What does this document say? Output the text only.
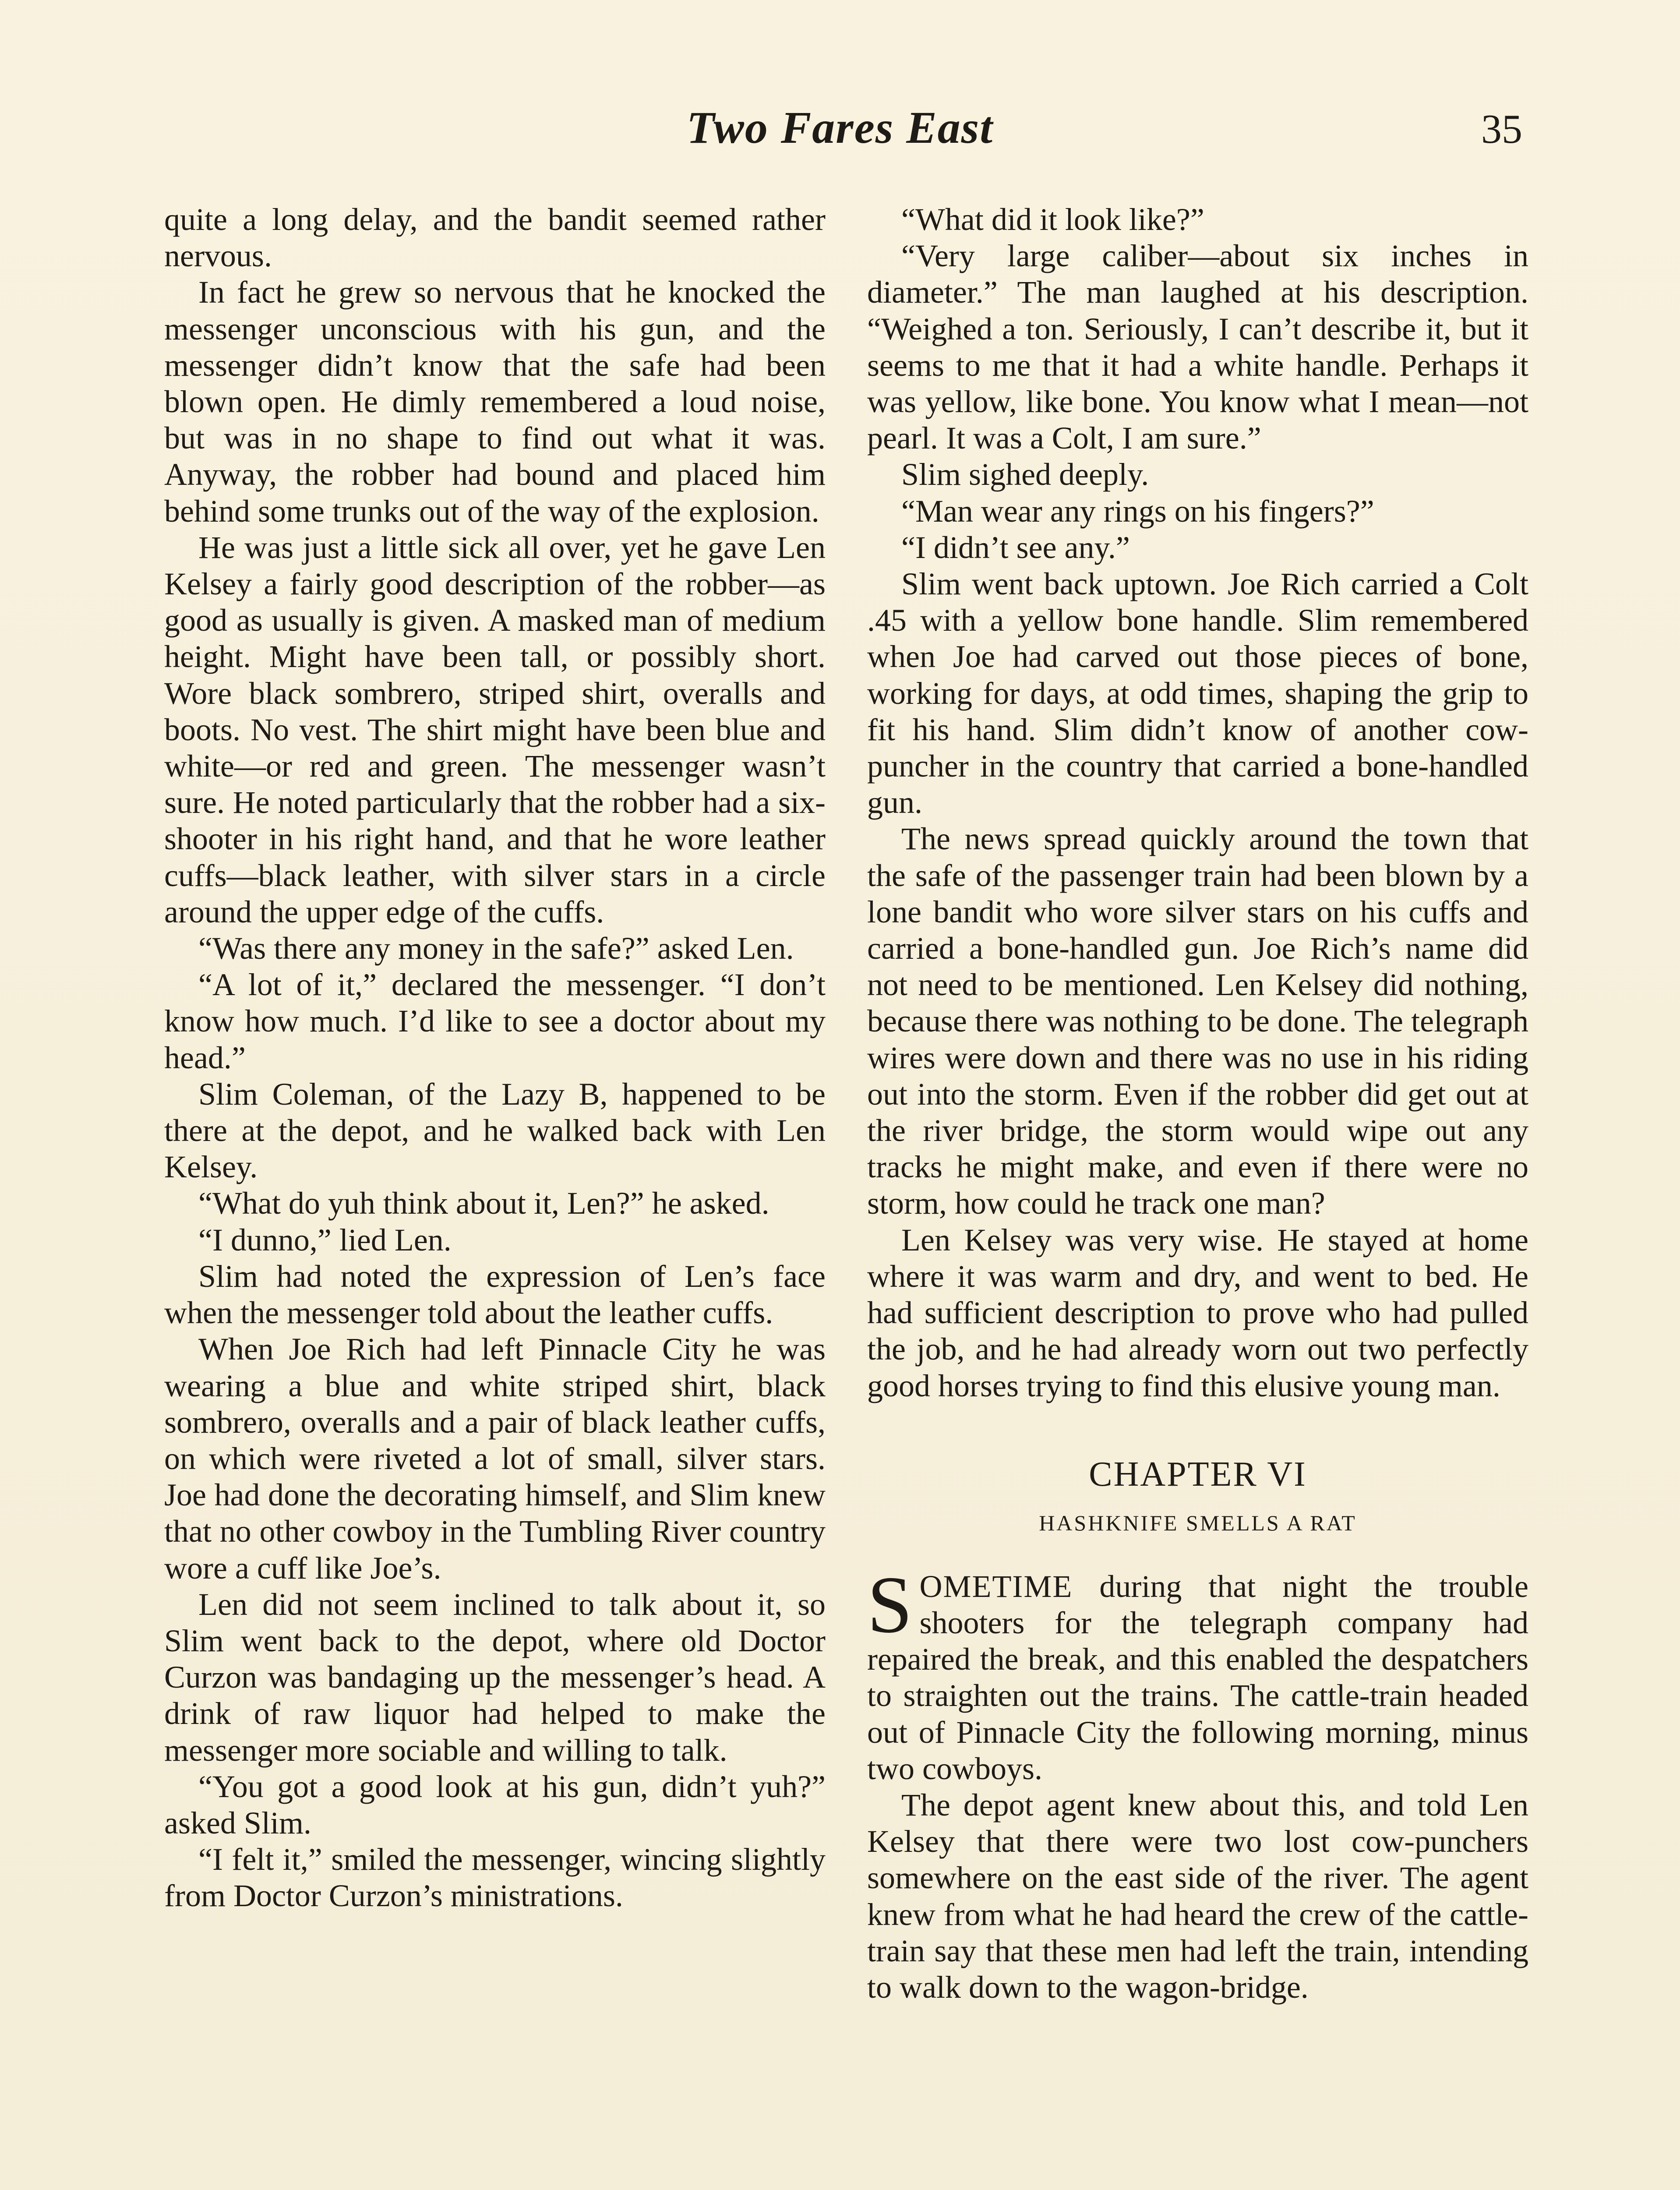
Two Fares East	35

quite a long delay, and the bandit seemed rather nervous.

In fact he grew so nervous that he knocked the messenger unconscious with his gun, and the messenger didn’t know that the safe had been blown open. He dimly remembered a loud noise, but was in no shape to find out what it was. Anyway, the robber had bound and placed him behind some trunks out of the way of the explosion.

He was just a little sick all over, yet he gave Len Kelsey a fairly good description of the robber—as good as usually is given. A masked man of medium height. Might have been tall, or possibly short. Wore black sombrero, striped shirt, overalls and boots. No vest. The shirt might have been blue and white—or red and green. The messenger wasn’t sure. He noted particularly that the robber had a six-shooter in his right hand, and that he wore leather cuffs—black leather, with silver stars in a circle around the upper edge of the cuffs.

“Was there any money in the safe?” asked Len.

“A lot of it,” declared the messenger. “I don’t know how much. I’d like to see a doctor about my head.”

Slim Coleman, of the Lazy B, happened to be there at the depot, and he walked back with Len Kelsey.

“What do yuh think about it, Len?” he asked.

“I dunno,” lied Len.

Slim had noted the expression of Len’s face when the messenger told about the leather cuffs.

When Joe Rich had left Pinnacle City he was wearing a blue and white striped shirt, black sombrero, overalls and a pair of black leather cuffs, on which were riveted a lot of small, silver stars. Joe had done the decorating himself, and Slim knew that no other cowboy in the Tumbling River country wore a cuff like Joe’s.

Len did not seem inclined to talk about it, so Slim went back to the depot, where old Doctor Curzon was bandaging up the messenger’s head. A drink of raw liquor had helped to make the messenger more sociable and willing to talk.

“You got a good look at his gun, didn’t yuh?” asked Slim.

“I felt it,” smiled the messenger, wincing slightly from Doctor Curzon’s ministrations.

“What did it look like?”

“Very large caliber—about six inches in diameter.” The man laughed at his description. “Weighed a ton. Seriously, I can’t describe it, but it seems to me that it had a white handle. Perhaps it was yellow, like bone. You know what I mean—not pearl. It was a Colt, I am sure.”

Slim sighed deeply.

“Man wear any rings on his fingers?”

“I didn’t see any.”

Slim went back uptown. Joe Rich carried a Colt .45 with a yellow bone handle. Slim remembered when Joe had carved out those pieces of bone, working for days, at odd times, shaping the grip to fit his hand. Slim didn’t know of another cow-puncher in the country that carried a bone-handled gun.

The news spread quickly around the town that the safe of the passenger train had been blown by a lone bandit who wore silver stars on his cuffs and carried a bone-handled gun. Joe Rich’s name did not need to be mentioned. Len Kelsey did nothing, because there was nothing to be done. The telegraph wires were down and there was no use in his riding out into the storm. Even if the robber did get out at the river bridge, the storm would wipe out any tracks he might make, and even if there were no storm, how could he track one man?

Len Kelsey was very wise. He stayed at home where it was warm and dry, and went to bed. He had sufficient description to prove who had pulled the job, and he had already worn out two perfectly good horses trying to find this elusive young man.

CHAPTER VI
HASHKNIFE SMELLS A RAT

SOMETIME during that night the trouble shooters for the telegraph company had repaired the break, and this enabled the despatchers to straighten out the trains. The cattle-train headed out of Pinnacle City the following morning, minus two cowboys.

The depot agent knew about this, and told Len Kelsey that there were two lost cow-punchers somewhere on the east side of the river. The agent knew from what he had heard the crew of the cattle-train say that these men had left the train, intending to walk down to the wagon-bridge.
